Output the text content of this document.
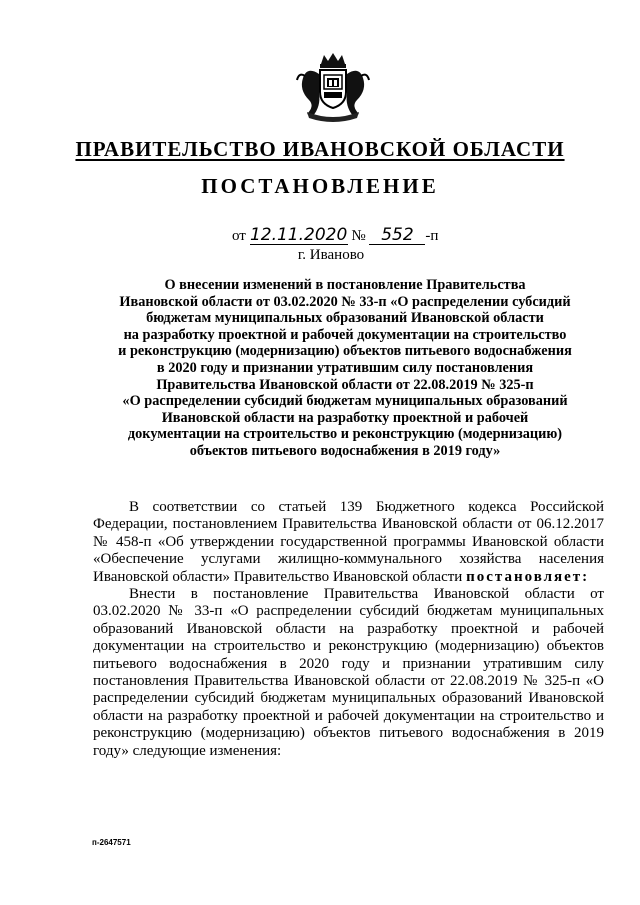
ПРАВИТЕЛЬСТВО ИВАНОВСКОЙ ОБЛАСТИ
ПОСТАНОВЛЕНИЕ
от 12.11.2020 № 552 -п
г. Иваново
О внесении изменений в постановление Правительства
Ивановской области от 03.02.2020 № 33-п «О распределении субсидий
бюджетам муниципальных образований Ивановской области
на разработку проектной и рабочей документации на строительство
и реконструкцию (модернизацию) объектов питьевого водоснабжения
в 2020 году и признании утратившим силу постановления
Правительства Ивановской области от 22.08.2019 № 325-п
«О распределении субсидий бюджетам муниципальных образований
Ивановской области на разработку проектной и рабочей
документации на строительство и реконструкцию (модернизацию)
объектов питьевого водоснабжения в 2019 году»

В соответствии со статьей 139 Бюджетного кодекса Российской Федерации, постановлением Правительства Ивановской области от 06.12.2017 № 458-п «Об утверждении государственной программы Ивановской области «Обеспечение услугами жилищно-коммунального хозяйства населения Ивановской области» Правительство Ивановской области постановляет:

Внести в постановление Правительства Ивановской области от 03.02.2020 № 33-п «О распределении субсидий бюджетам муниципальных образований Ивановской области на разработку проектной и рабочей документации на строительство и реконструкцию (модернизацию) объектов питьевого водоснабжения в 2020 году и признании утратившим силу постановления Правительства Ивановской области от 22.08.2019 № 325-п «О распределении субсидий бюджетам муниципальных образований Ивановской области на разработку проектной и рабочей документации на строительство и реконструкцию (модернизацию) объектов питьевого водоснабжения в 2019 году» следующие изменения:

п-2647571
